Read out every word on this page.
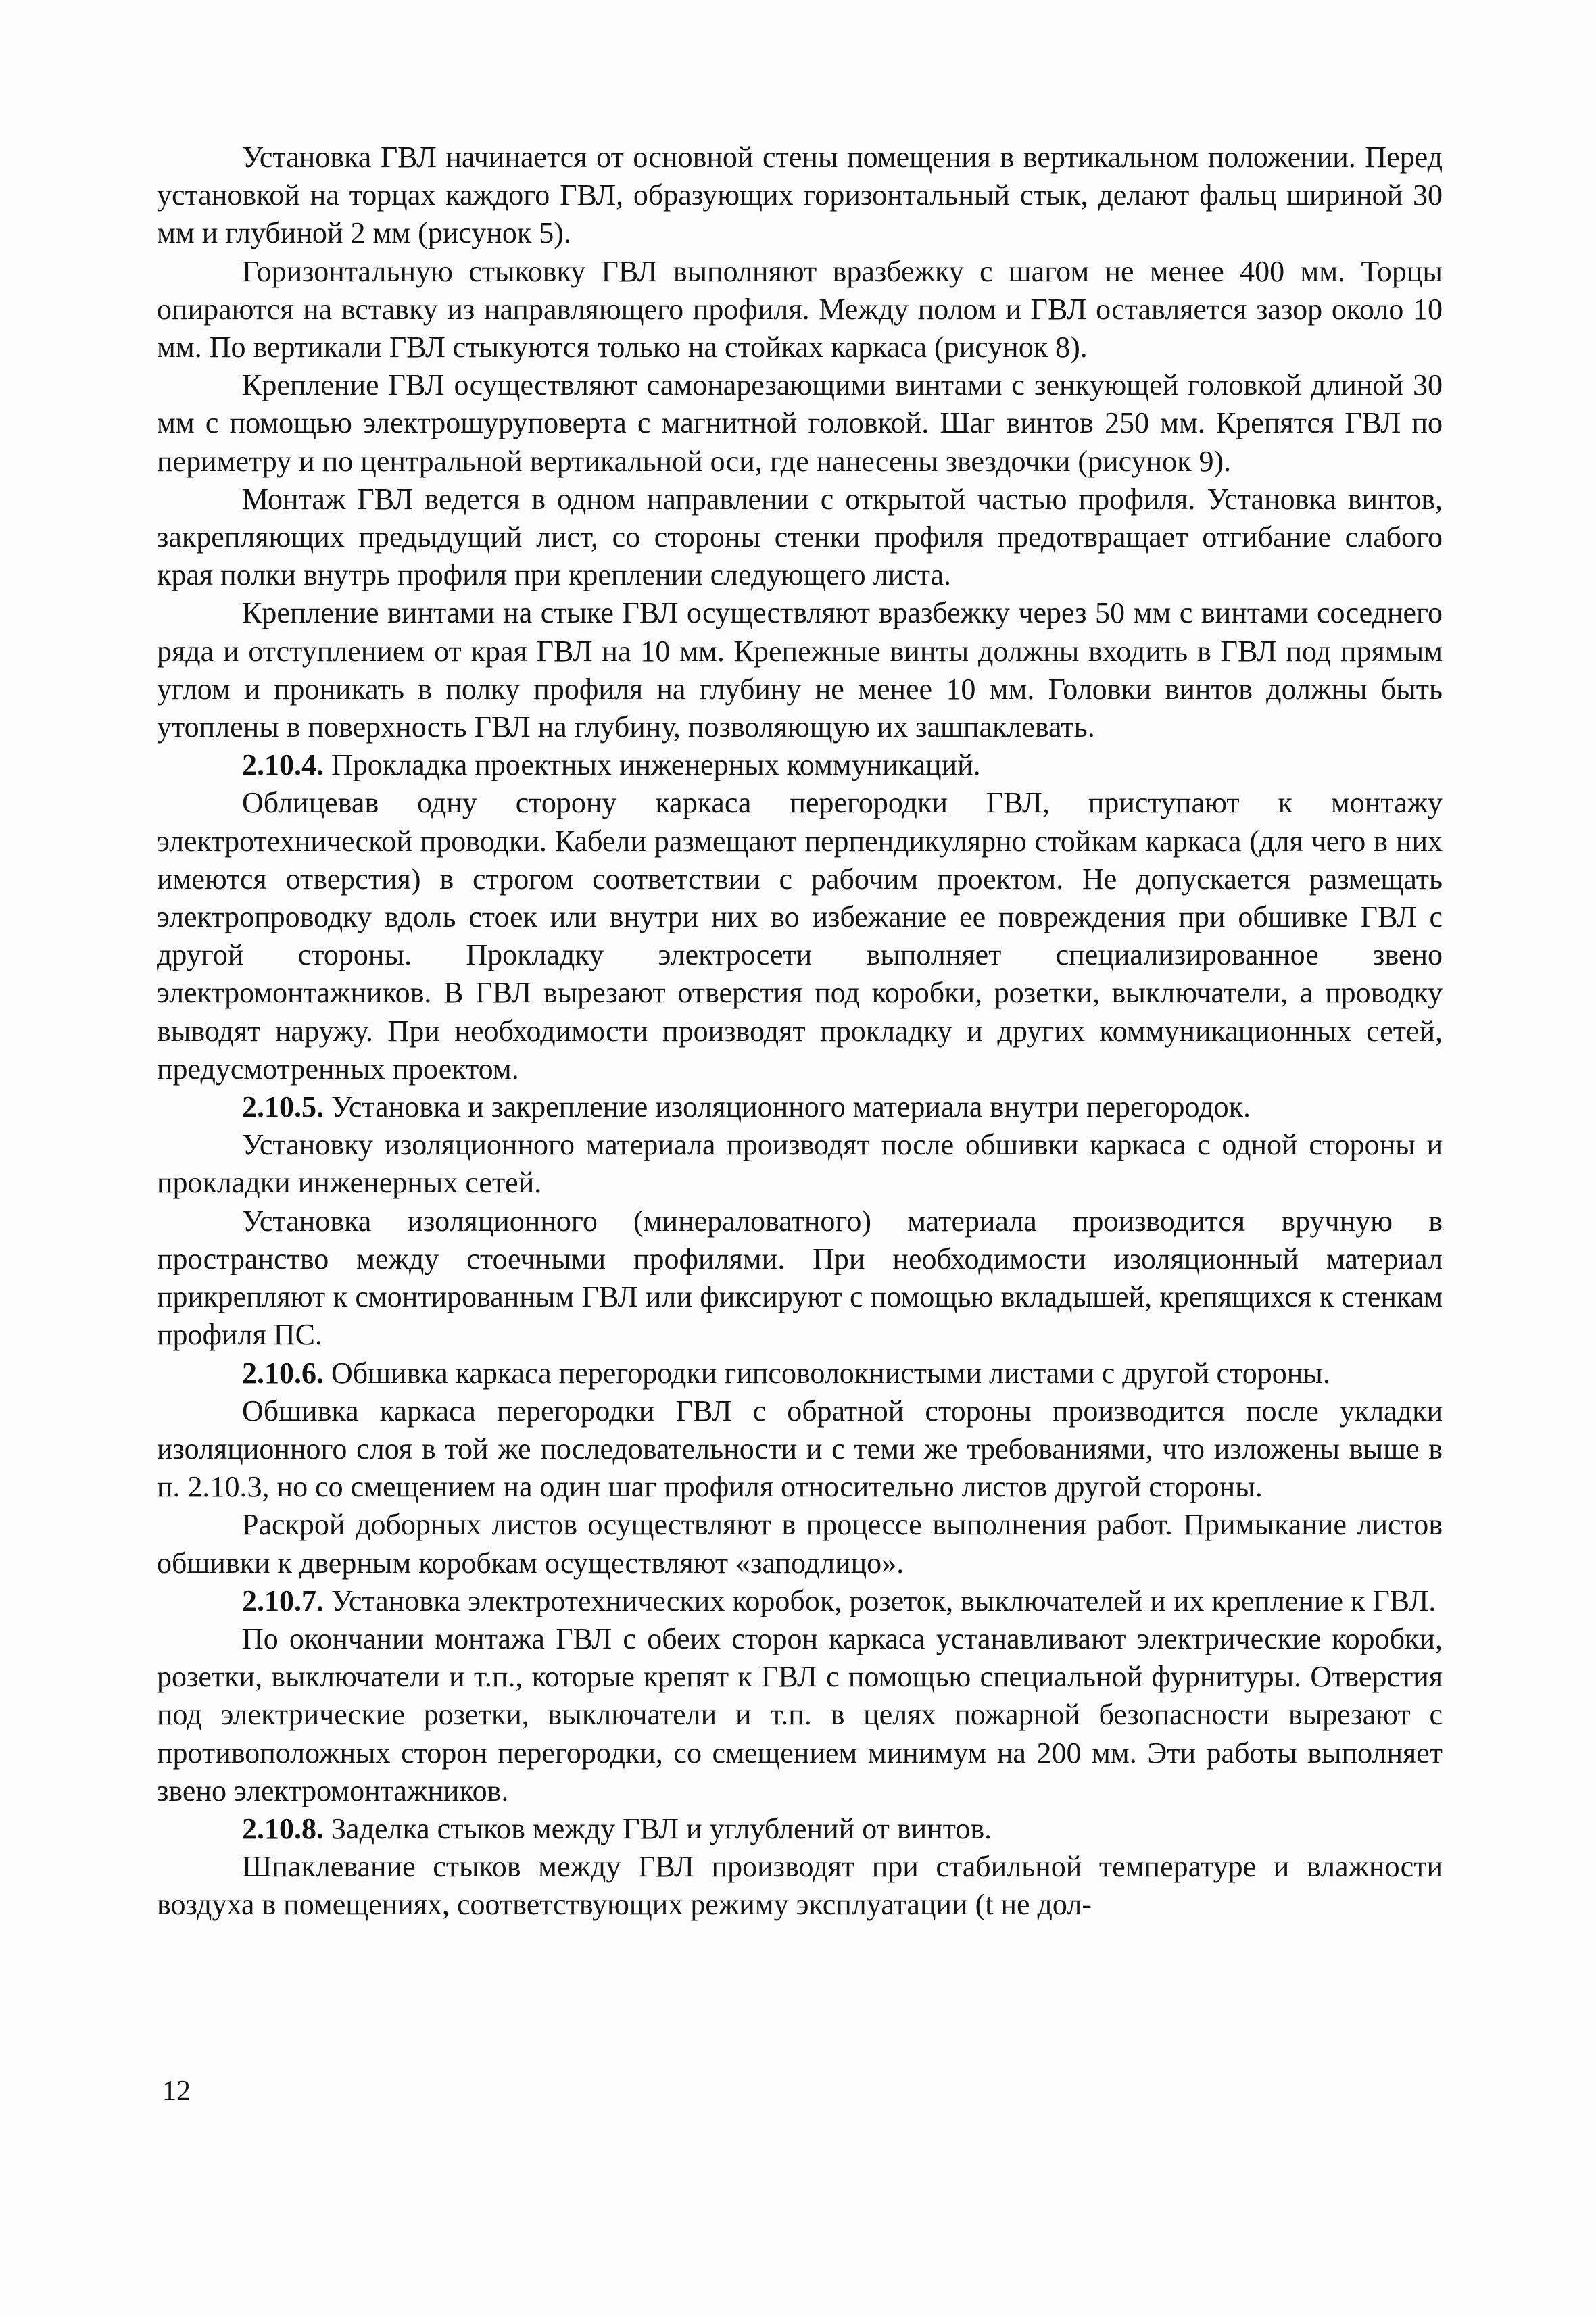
Установка ГВЛ начинается от основной стены помещения в вертикальном положении. Перед установкой на торцах каждого ГВЛ, образующих горизонтальный стык, делают фальц шириной 30 мм и глубиной 2 мм (рисунок 5).

Горизонтальную стыковку ГВЛ выполняют вразбежку с шагом не менее 400 мм. Торцы опираются на вставку из направляющего профиля. Между полом и ГВЛ оставляется зазор около 10 мм. По вертикали ГВЛ стыкуются только на стойках каркаса (рисунок 8).

Крепление ГВЛ осуществляют самонарезающими винтами с зенкующей головкой длиной 30 мм с помощью электрошуруповерта с магнитной головкой. Шаг винтов 250 мм. Крепятся ГВЛ по периметру и по центральной вертикальной оси, где нанесены звездочки (рисунок 9).

Монтаж ГВЛ ведется в одном направлении с открытой частью профиля. Установка винтов, закрепляющих предыдущий лист, со стороны стенки профиля предотвращает отгибание слабого края полки внутрь профиля при креплении следующего листа.

Крепление винтами на стыке ГВЛ осуществляют вразбежку через 50 мм с винтами соседнего ряда и отступлением от края ГВЛ на 10 мм. Крепежные винты должны входить в ГВЛ под прямым углом и проникать в полку профиля на глубину не менее 10 мм. Головки винтов должны быть утоплены в поверхность ГВЛ на глубину, позволяющую их зашпаклевать.

2.10.4. Прокладка проектных инженерных коммуникаций.

Облицевав одну сторону каркаса перегородки ГВЛ, приступают к монтажу электротехнической проводки. Кабели размещают перпендикулярно стойкам каркаса (для чего в них имеются отверстия) в строгом соответствии с рабочим проектом. Не допускается размещать электропроводку вдоль стоек или внутри них во избежание ее повреждения при обшивке ГВЛ с другой стороны. Прокладку электросети выполняет специализированное звено электромонтажников. В ГВЛ вырезают отверстия под коробки, розетки, выключатели, а проводку выводят наружу. При необходимости производят прокладку и других коммуникационных сетей, предусмотренных проектом.

2.10.5. Установка и закрепление изоляционного материала внутри перегородок.

Установку изоляционного материала производят после обшивки каркаса с одной стороны и прокладки инженерных сетей.

Установка изоляционного (минераловатного) материала производится вручную в пространство между стоечными профилями. При необходимости изоляционный материал прикрепляют к смонтированным ГВЛ или фиксируют с помощью вкладышей, крепящихся к стенкам профиля ПС.

2.10.6. Обшивка каркаса перегородки гипсоволокнистыми листами с другой стороны.

Обшивка каркаса перегородки ГВЛ с обратной стороны производится после укладки изоляционного слоя в той же последовательности и с теми же требованиями, что изложены выше в п. 2.10.3, но со смещением на один шаг профиля относительно листов другой стороны.

Раскрой доборных листов осуществляют в процессе выполнения работ. Примыкание листов обшивки к дверным коробкам осуществляют «заподлицо».

2.10.7. Установка электротехнических коробок, розеток, выключателей и их крепление к ГВЛ.

По окончании монтажа ГВЛ с обеих сторон каркаса устанавливают электрические коробки, розетки, выключатели и т.п., которые крепят к ГВЛ с помощью специальной фурнитуры. Отверстия под электрические розетки, выключатели и т.п. в целях пожарной безопасности вырезают с противоположных сторон перегородки, со смещением минимум на 200 мм. Эти работы выполняет звено электромонтажников.

2.10.8. Заделка стыков между ГВЛ и углублений от винтов.

Шпаклевание стыков между ГВЛ производят при стабильной температуре и влажности воздуха в помещениях, соответствующих режиму эксплуатации (t не дол-

12
